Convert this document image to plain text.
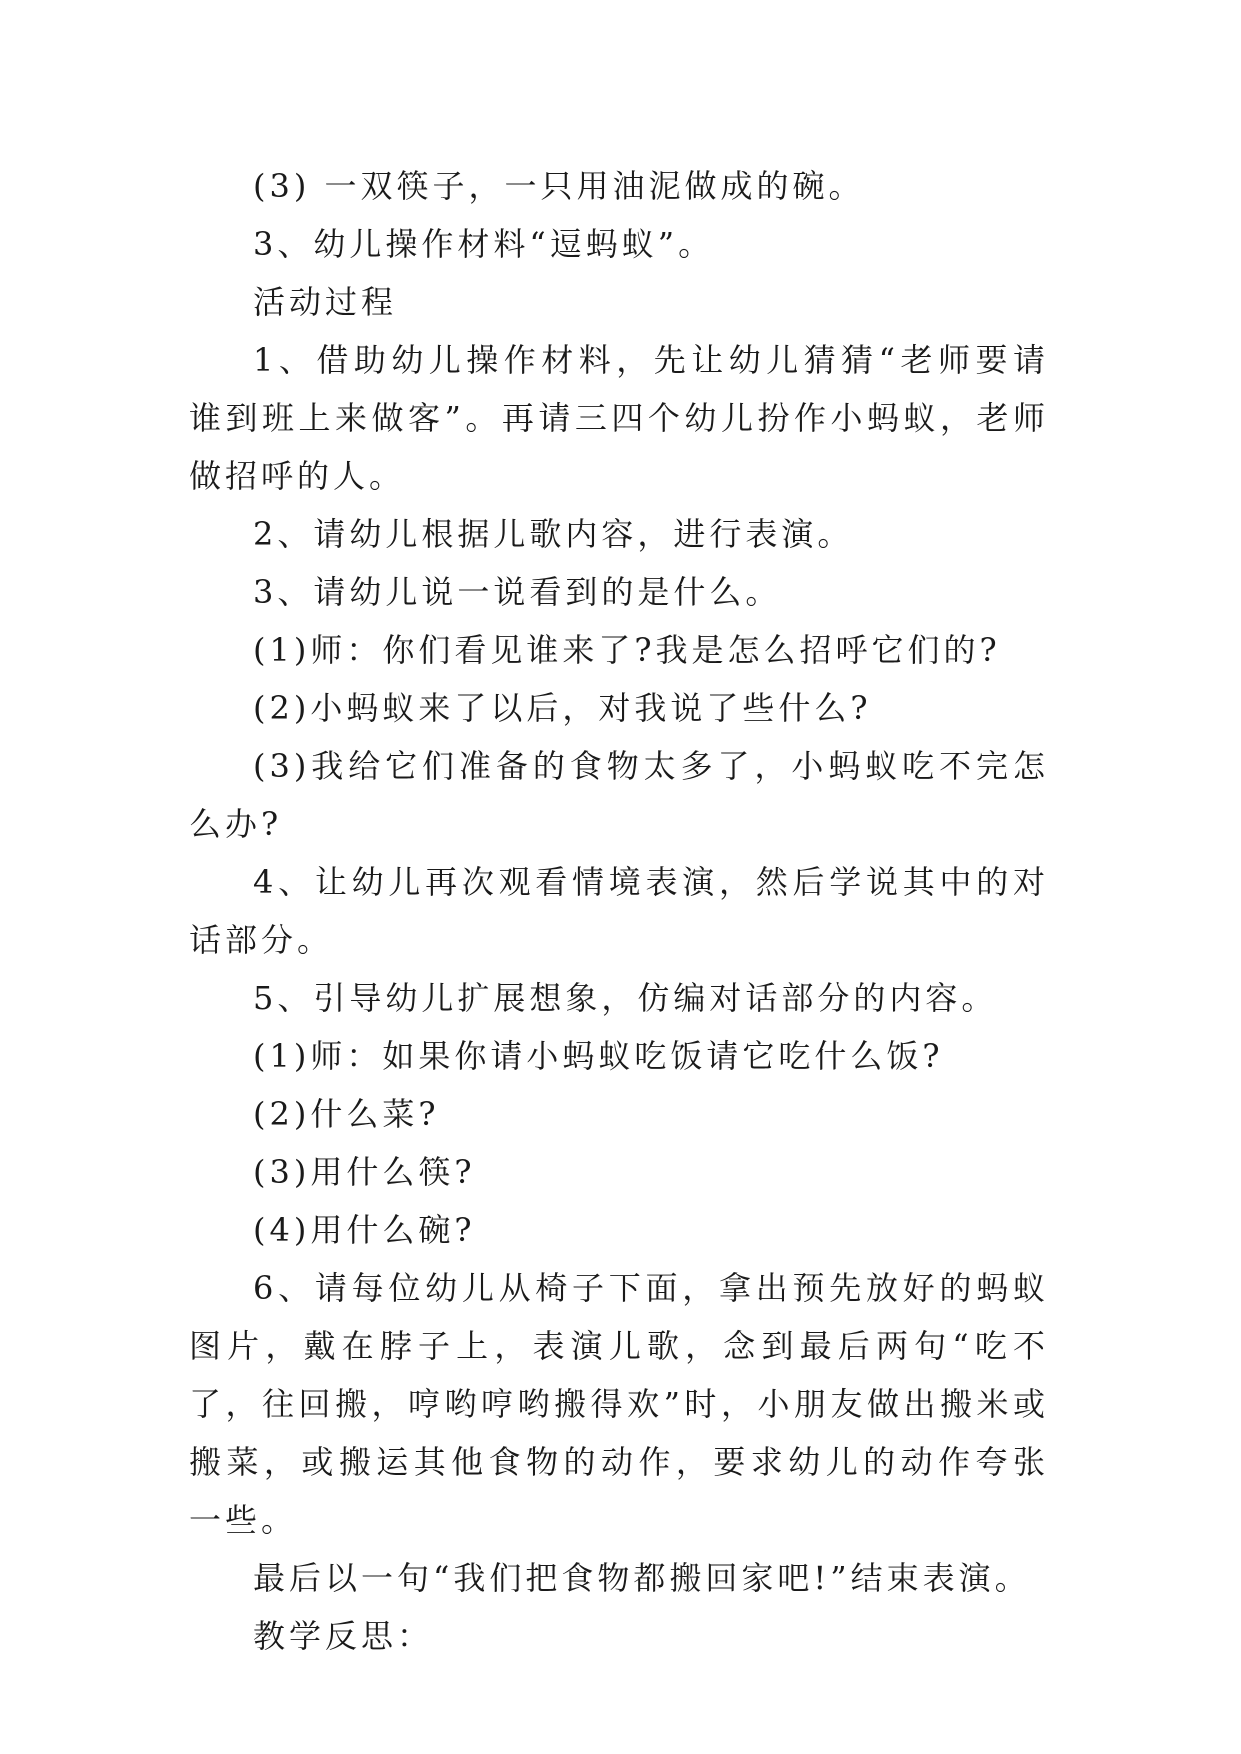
(3) 一双筷子，一只用油泥做成的碗。

3、幼儿操作材料“逗蚂蚁”。

活动过程

1、借助幼儿操作材料，先让幼儿猜猜“老师要请谁到班上来做客”。再请三四个幼儿扮作小蚂蚁，老师做招呼的人。

2、请幼儿根据儿歌内容，进行表演。

3、请幼儿说一说看到的是什么。

(1)师：你们看见谁来了?我是怎么招呼它们的?

(2)小蚂蚁来了以后，对我说了些什么?

(3)我给它们准备的食物太多了，小蚂蚁吃不完怎么办?

4、让幼儿再次观看情境表演，然后学说其中的对话部分。

5、引导幼儿扩展想象，仿编对话部分的内容。

(1)师：如果你请小蚂蚁吃饭请它吃什么饭?

(2)什么菜?

(3)用什么筷?

(4)用什么碗?

6、请每位幼儿从椅子下面，拿出预先放好的蚂蚁图片，戴在脖子上，表演儿歌，念到最后两句“吃不了，往回搬，哼哟哼哟搬得欢”时，小朋友做出搬米或搬菜，或搬运其他食物的动作，要求幼儿的动作夸张一些。

最后以一句“我们把食物都搬回家吧!”结束表演。

教学反思：
